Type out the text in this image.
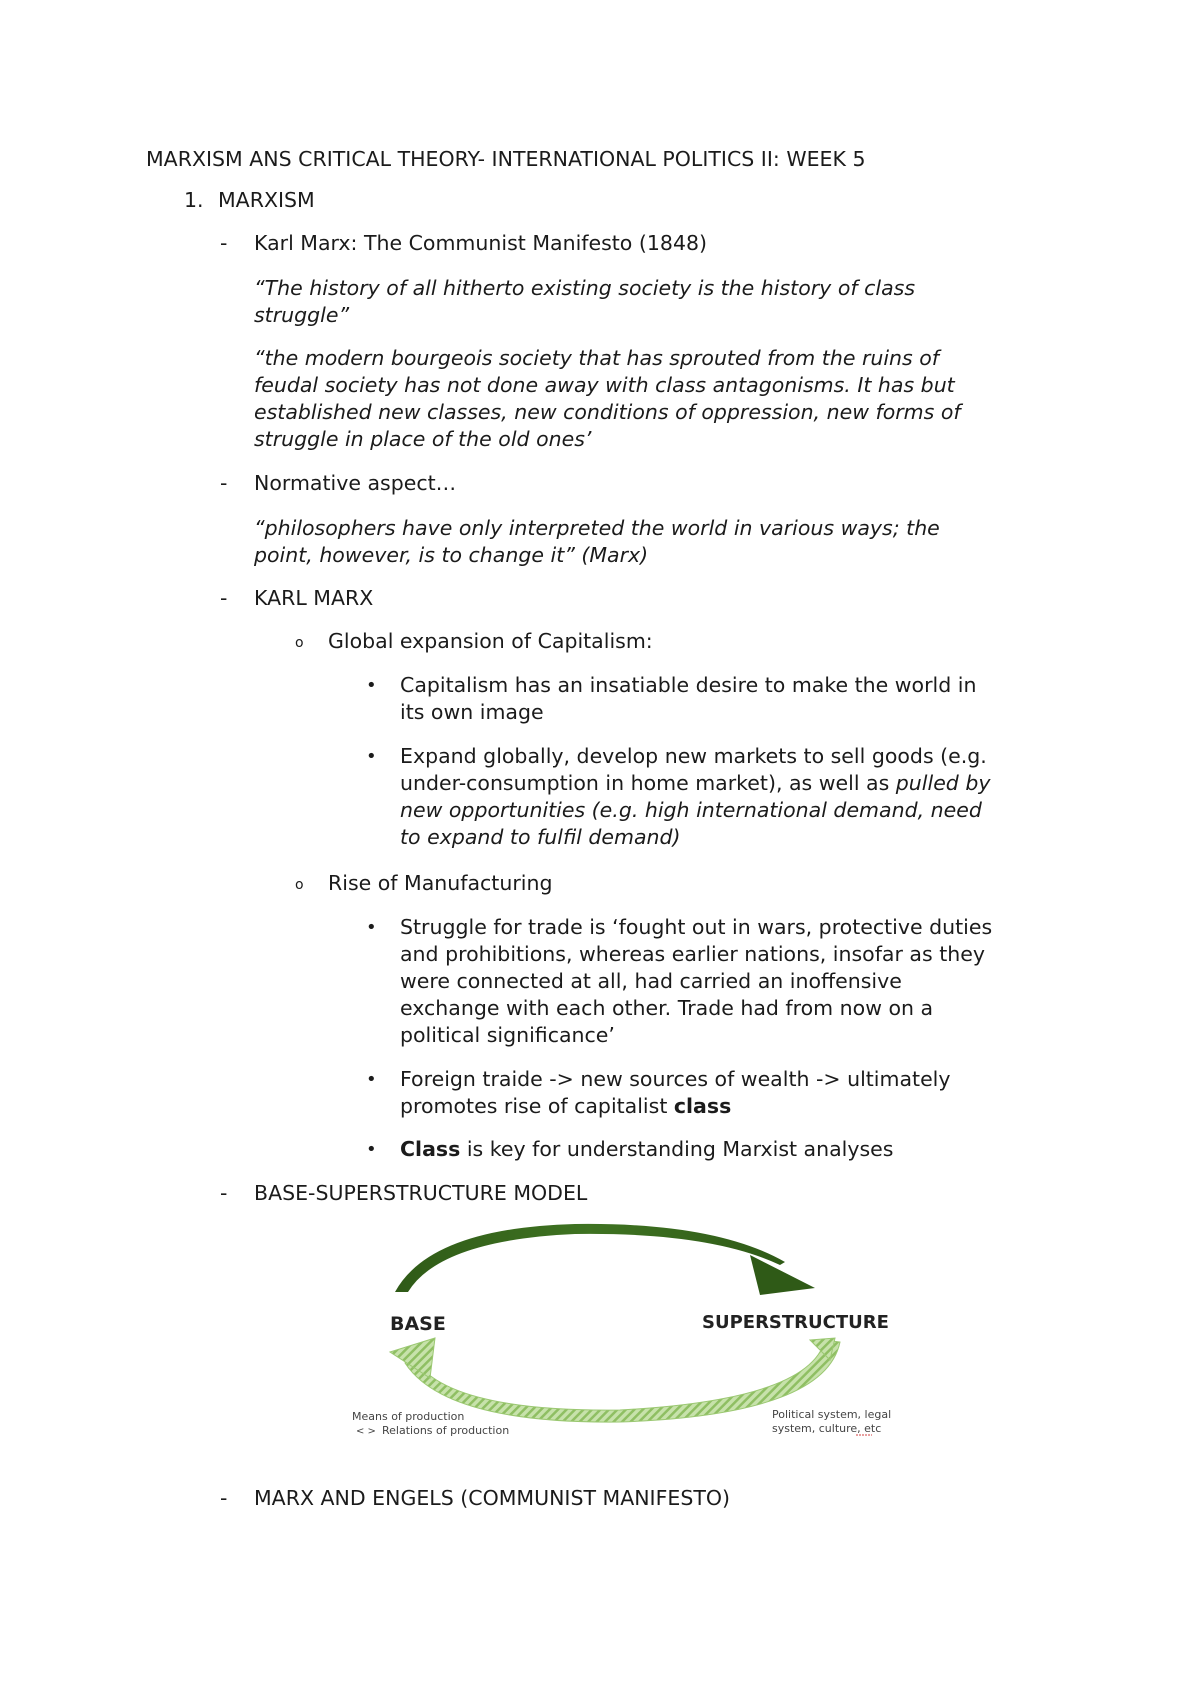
MARXISM ANS CRITICAL THEORY- INTERNATIONAL POLITICS II: WEEK 5
1. MARXISM
- Karl Marx: The Communist Manifesto (1848)
“The history of all hitherto existing society is the history of class
struggle”
“the modern bourgeois society that has sprouted from the ruins of
feudal society has not done away with class antagonisms. It has but
established new classes, new conditions of oppression, new forms of
struggle in place of the old ones’
- Normative aspect…
“philosophers have only interpreted the world in various ways; the
point, however, is to change it” (Marx)
- KARL MARX
o Global expansion of Capitalism:
• Capitalism has an insatiable desire to make the world in
its own image
• Expand globally, develop new markets to sell goods (e.g.
under-consumption in home market), as well as pulled by
new opportunities (e.g. high international demand, need
to expand to fulfil demand)
o Rise of Manufacturing
• Struggle for trade is ‘fought out in wars, protective duties
and prohibitions, whereas earlier nations, insofar as they
were connected at all, had carried an inoffensive
exchange with each other. Trade had from now on a
political significance’
• Foreign traide -> new sources of wealth -> ultimately
promotes rise of capitalist class
• Class is key for understanding Marxist analyses
- BASE-SUPERSTRUCTURE MODEL
BASE	SUPERSTRUCTURE
Means of production
< > Relations of production
Political system, legal
system, culture, etc
- MARX AND ENGELS (COMMUNIST MANIFESTO)
